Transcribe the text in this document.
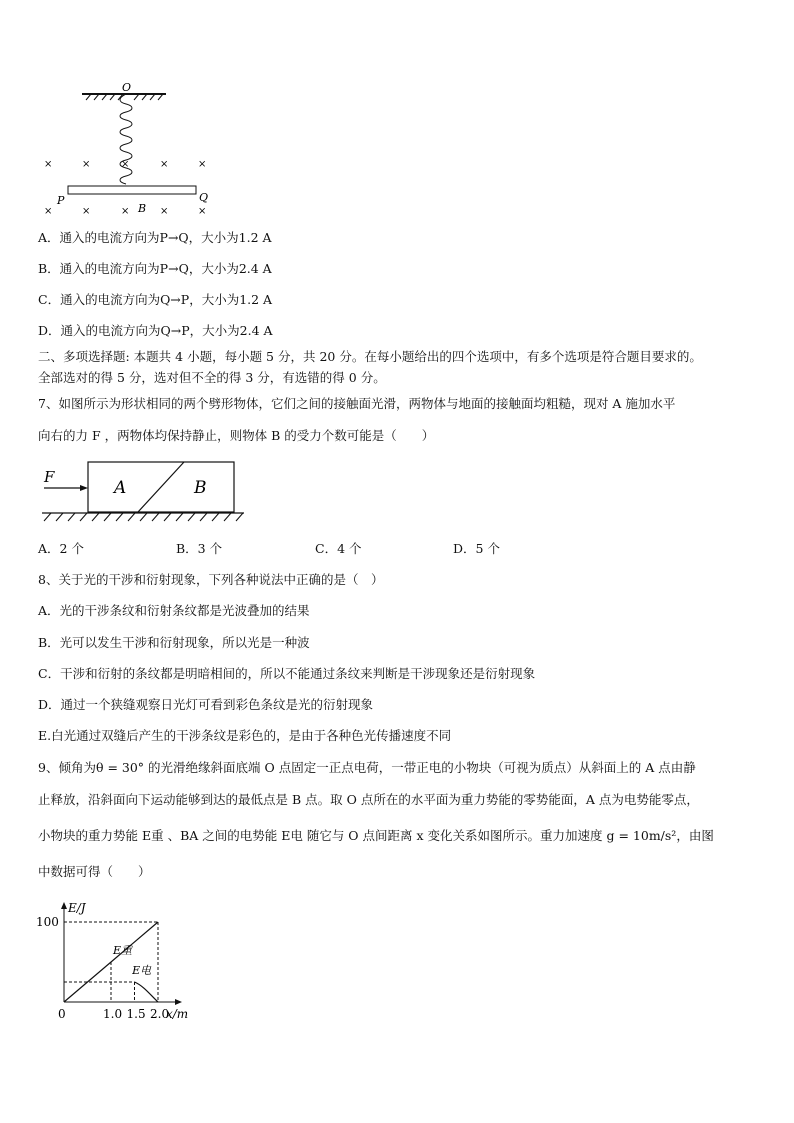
O
P	Q
B
×	×	×	×	×
×	×	×	×	×
A．通入的电流方向为P→Q，大小为1.2 A
B．通入的电流方向为P→Q，大小为2.4 A
C．通入的电流方向为Q→P，大小为1.2 A
D．通入的电流方向为Q→P，大小为2.4 A
二、多项选择题: 本题共 4 小题，每小题 5 分，共 20 分。在每小题给出的四个选项中，有多个选项是符合题目要求的。
全部选对的得 5 分，选对但不全的得 3 分，有选错的得 0 分。
7、如图所示为形状相同的两个劈形物体，它们之间的接触面光滑，两物体与地面的接触面均粗糙，现对 A 施加水平
向右的力 F ，两物体均保持静止，则物体 B 的受力个数可能是（　　）
F
A	B
A．2 个	B．3 个	C．4 个	D．5 个
8、关于光的干涉和衍射现象，下列各种说法中正确的是（　）
A．光的干涉条纹和衍射条纹都是光波叠加的结果
B．光可以发生干涉和衍射现象，所以光是一种波
C．干涉和衍射的条纹都是明暗相间的，所以不能通过条纹来判断是干涉现象还是衍射现象
D．通过一个狭缝观察日光灯可看到彩色条纹是光的衍射现象
E.白光通过双缝后产生的干涉条纹是彩色的，是由于各种色光传播速度不同
9、倾角为θ = 30° 的光滑绝缘斜面底端 O 点固定一正点电荷，一带正电的小物块（可视为质点）从斜面上的 A 点由静
止释放，沿斜面向下运动能够到达的最低点是 B 点。取 O 点所在的水平面为重力势能的零势能面，A 点为电势能零点，
小物块的重力势能 E重 、BA 之间的电势能 E电 随它与 O 点间距离 x 变化关系如图所示。重力加速度 g = 10m/s²，由图
中数据可得（　　）
E/J
x/m
E重
E电
0	1.0 1.5 2.0
100
